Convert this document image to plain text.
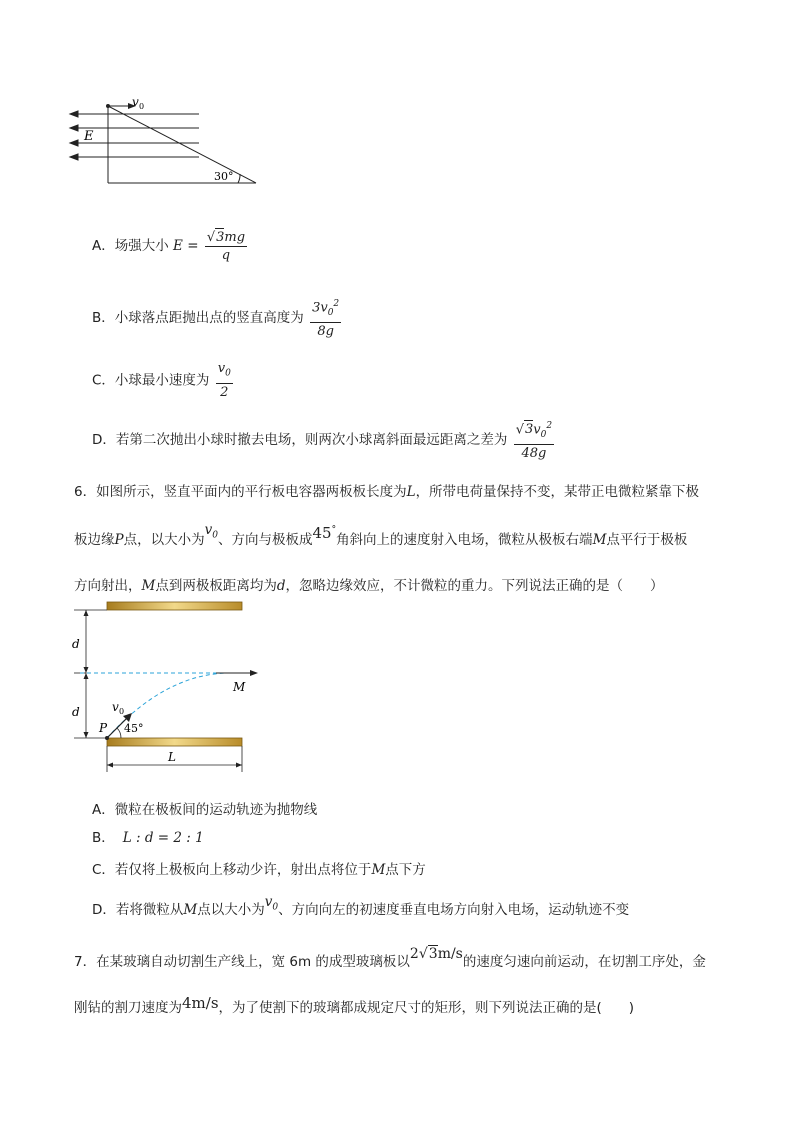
v 0
E
30°
A．场强大小 $E = \frac{√3mg}{q}$
B．小球落点距抛出点的竖直高度为 $\frac{3v_0^2}{8g}$
C．小球最小速度为 $\frac{v_0}{2}$
D．若第二次抛出小球时撤去电场，则两次小球离斜面最远距离之差为 $\frac{√3v_0^2}{48g}$
6．如图所示，竖直平面内的平行板电容器两板板长度为L，所带电荷量保持不变，某带正电微粒紧靠下极
板边缘P点，以大小为$v_0$、方向与极板成45°角斜向上的速度射入电场，微粒从极板右端M点平行于极板
方向射出，M点到两极板距离均为d，忽略边缘效应，不计微粒的重力。下列说法正确的是（　　）
d
d
M
v 0
P 45°
L
A．微粒在极板间的运动轨迹为抛物线
B． L : d = 2 : 1
C．若仅将上极板向上移动少许，射出点将位于M点下方
D．若将微粒从M点以大小为$v_0$、方向向左的初速度垂直电场方向射入电场，运动轨迹不变
7．在某玻璃自动切割生产线上，宽 6m 的成型玻璃板以2√3m/s的速度匀速向前运动，在切割工序处，金
刚钻的割刀速度为4m/s，为了使割下的玻璃都成规定尺寸的矩形，则下列说法正确的是(　　)
